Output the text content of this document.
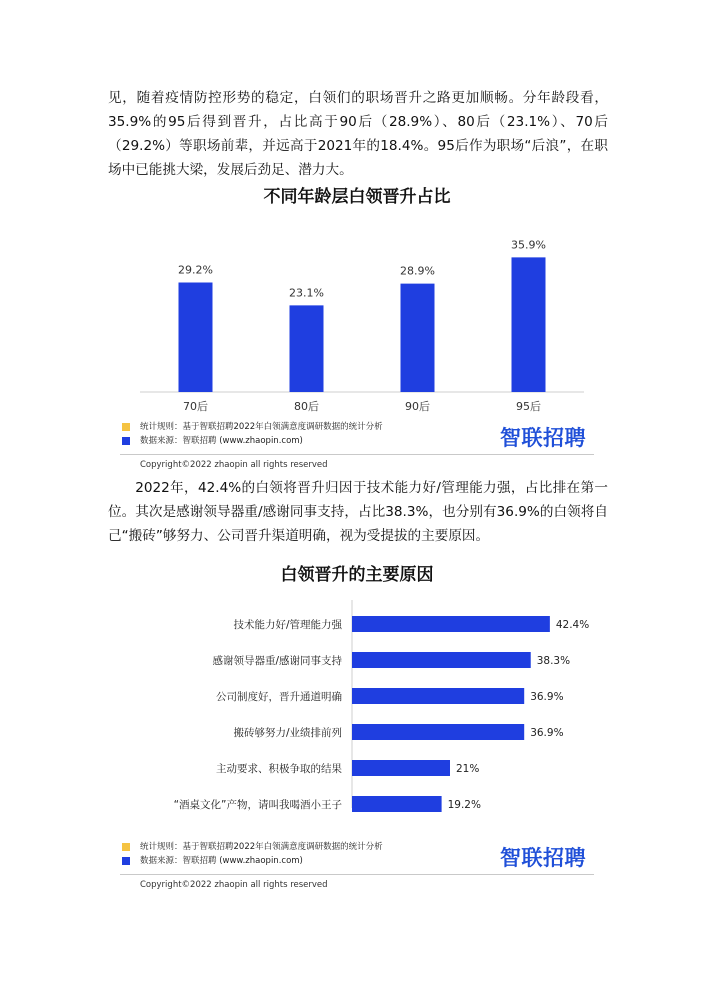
见，随着疫情防控形势的稳定，白领们的职场晋升之路更加顺畅。分年龄段看，35.9%的95后得到晋升，占比高于90后（28.9%）、80后（23.1%）、70后（29.2%）等职场前辈，并远高于2021年的18.4%。95后作为职场“后浪”，在职场中已能挑大梁，发展后劲足、潜力大。

不同年龄层白领晋升占比
29.2%
70后
23.1%
80后
28.9%
90后
35.9%
95后
统计规则：基于智联招聘2022年白领满意度调研数据的统计分析
数据来源：智联招聘 (www.zhaopin.com)	智联招聘
Copyright©2022 zhaopin all rights reserved

2022年，42.4%的白领将晋升归因于技术能力好/管理能力强，占比排在第一位。其次是感谢领导器重/感谢同事支持，占比38.3%，也分别有36.9%的白领将自己“搬砖”够努力、公司晋升渠道明确，视为受提拔的主要原因。

白领晋升的主要原因
技术能力好/管理能力强	42.4%
感谢领导器重/感谢同事支持	38.3%
公司制度好，晋升通道明确	36.9%
搬砖够努力/业绩排前列	36.9%
主动要求、积极争取的结果	21%
“酒桌文化”产物，请叫我喝酒小王子	19.2%
统计规则：基于智联招聘2022年白领满意度调研数据的统计分析
数据来源：智联招聘 (www.zhaopin.com)	智联招聘
Copyright©2022 zhaopin all rights reserved
